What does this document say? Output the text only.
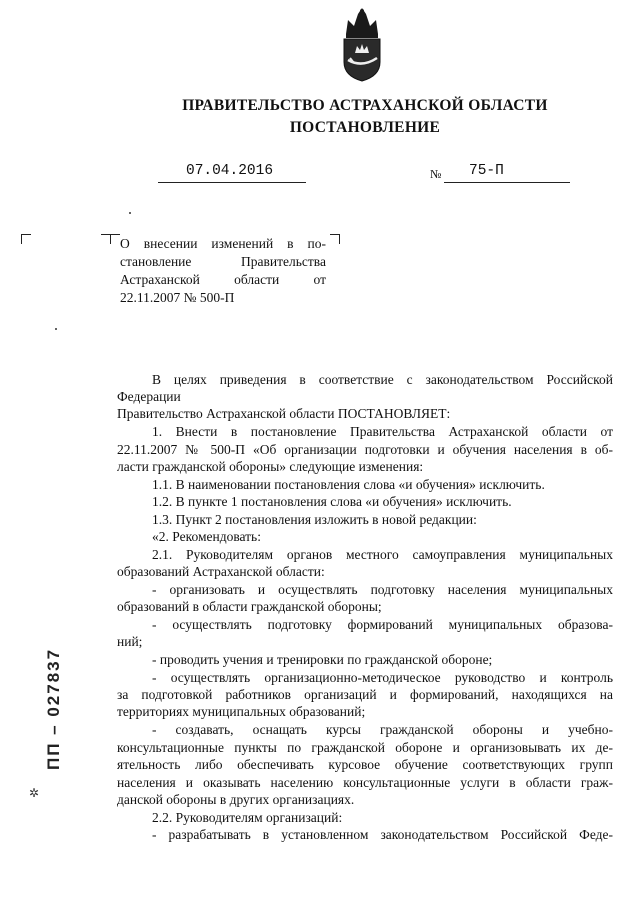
ПРАВИТЕЛЬСТВО АСТРАХАНСКОЙ ОБЛАСТИ
ПОСТАНОВЛЕНИЕ
07.04.2016	№ 75-П
О внесении изменений в по-
становление Правительства
Астраханской области от
22.11.2007 № 500-П
В целях приведения в соответствие с законодательством Российской
Федерации
Правительство Астраханской области ПОСТАНОВЛЯЕТ:
1. Внести в постановление Правительства Астраханской области от
22.11.2007 № 500-П «Об организации подготовки и обучения населения в об-
ласти гражданской обороны» следующие изменения:
1.1. В наименовании постановления слова «и обучения» исключить.
1.2. В пункте 1 постановления слова «и обучения» исключить.
1.3. Пункт 2 постановления изложить в новой редакции:
«2. Рекомендовать:
2.1. Руководителям органов местного самоуправления муниципальных
образований Астраханской области:
- организовать и осуществлять подготовку населения муниципальных
образований в области гражданской обороны;
- осуществлять подготовку формирований муниципальных образова-
ний;
- проводить учения и тренировки по гражданской обороне;
- осуществлять организационно-методическое руководство и контроль
за подготовкой работников организаций и формирований, находящихся на
территориях муниципальных образований;
- создавать, оснащать курсы гражданской обороны и учебно-
консультационные пункты по гражданской обороне и организовывать их де-
ятельность либо обеспечивать курсовое обучение соответствующих групп
населения и оказывать населению консультационные услуги в области граж-
данской обороны в других организациях.
2.2. Руководителям организаций:
- разрабатывать в установленном законодательством Российской Феде-
ПП – 027837
✲
